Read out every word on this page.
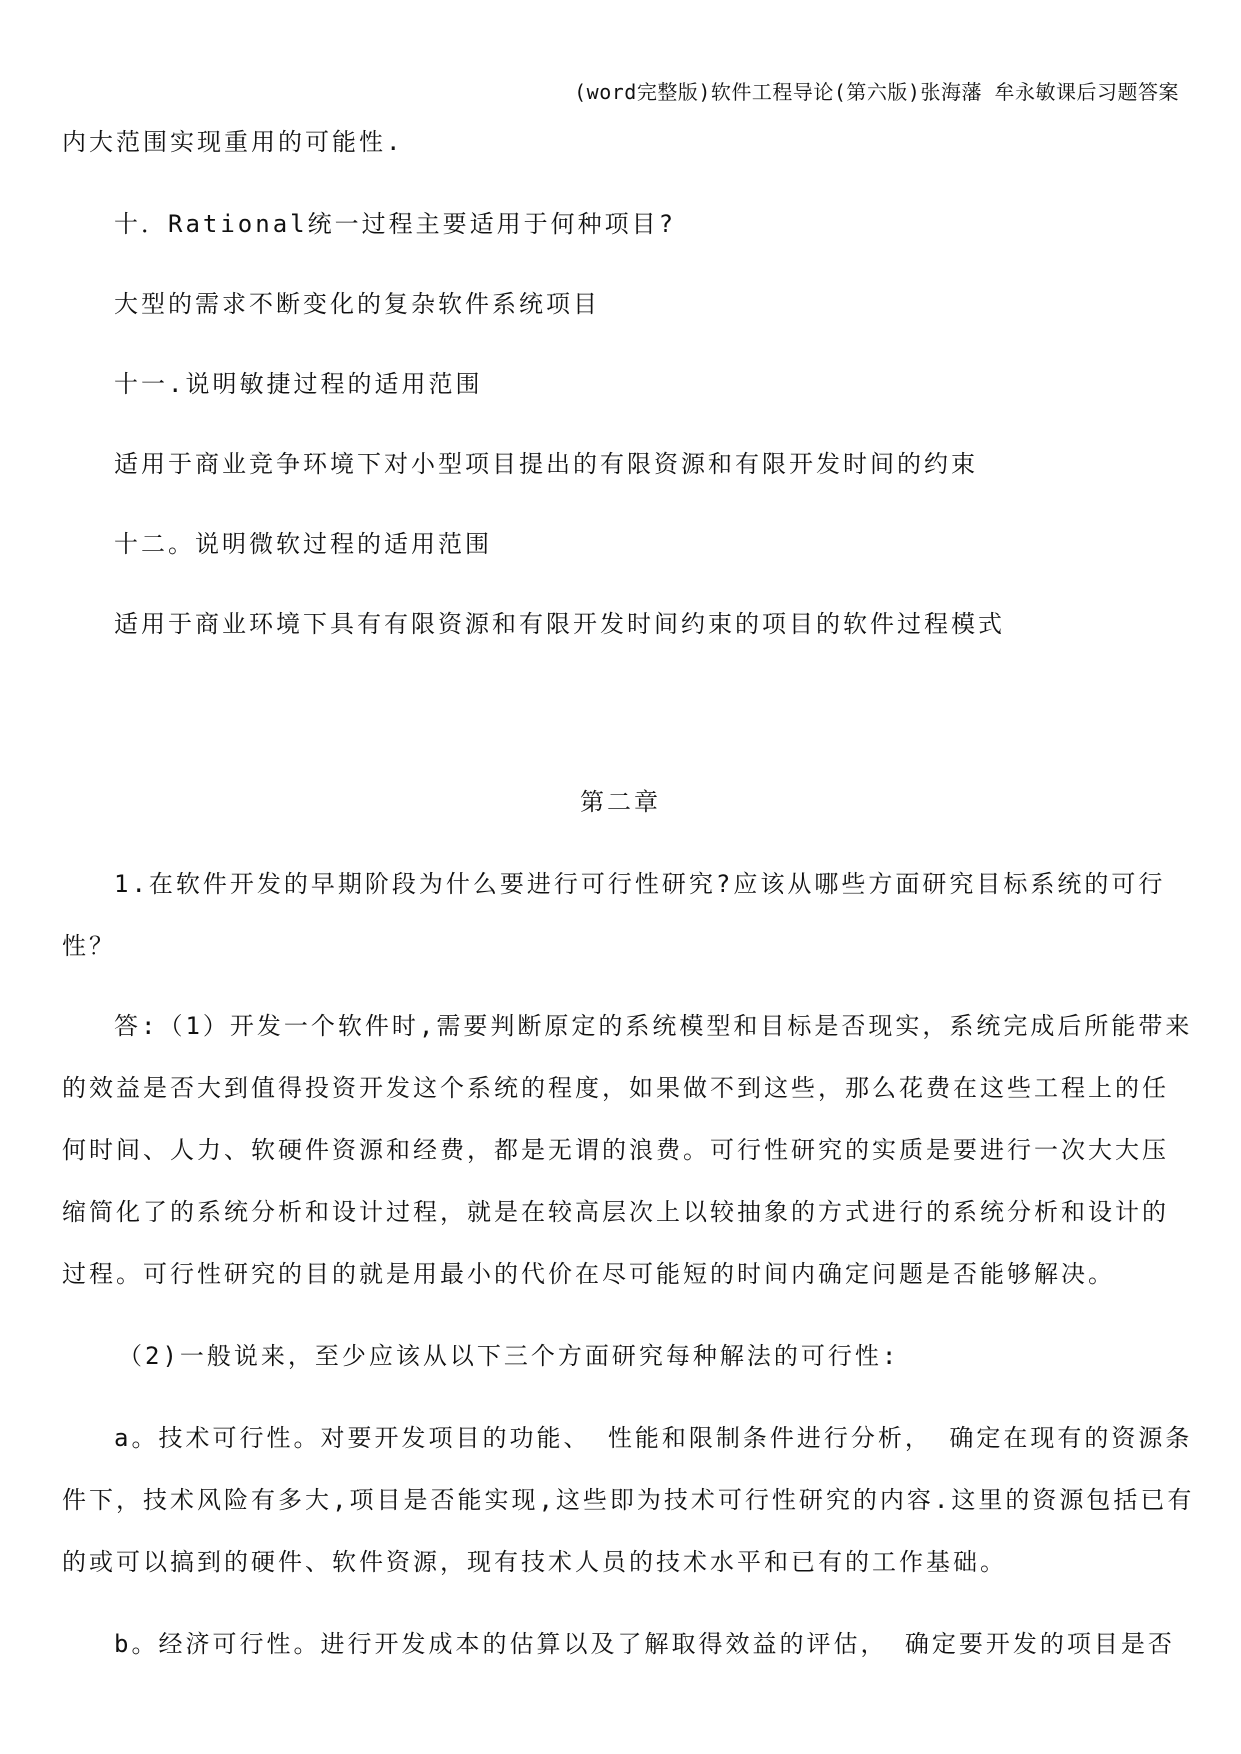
(word完整版)软件工程导论(第六版)张海藩 牟永敏课后习题答案
内大范围实现重用的可能性.
十．Rational统一过程主要适用于何种项目?
大型的需求不断变化的复杂软件系统项目
十一.说明敏捷过程的适用范围
适用于商业竞争环境下对小型项目提出的有限资源和有限开发时间的约束
十二。说明微软过程的适用范围
适用于商业环境下具有有限资源和有限开发时间约束的项目的软件过程模式
第二章
1.在软件开发的早期阶段为什么要进行可行性研究?应该从哪些方面研究目标系统的可行
性？
答:（1）开发一个软件时,需要判断原定的系统模型和目标是否现实，系统完成后所能带来
的效益是否大到值得投资开发这个系统的程度，如果做不到这些，那么花费在这些工程上的任
何时间、人力、软硬件资源和经费，都是无谓的浪费。可行性研究的实质是要进行一次大大压
缩简化了的系统分析和设计过程，就是在较高层次上以较抽象的方式进行的系统分析和设计的
过程。可行性研究的目的就是用最小的代价在尽可能短的时间内确定问题是否能够解决。
（2)一般说来，至少应该从以下三个方面研究每种解法的可行性:
a。技术可行性。对要开发项目的功能、 性能和限制条件进行分析， 确定在现有的资源条
件下，技术风险有多大,项目是否能实现,这些即为技术可行性研究的内容.这里的资源包括已有
的或可以搞到的硬件、软件资源，现有技术人员的技术水平和已有的工作基础。
b。经济可行性。进行开发成本的估算以及了解取得效益的评估， 确定要开发的项目是否
